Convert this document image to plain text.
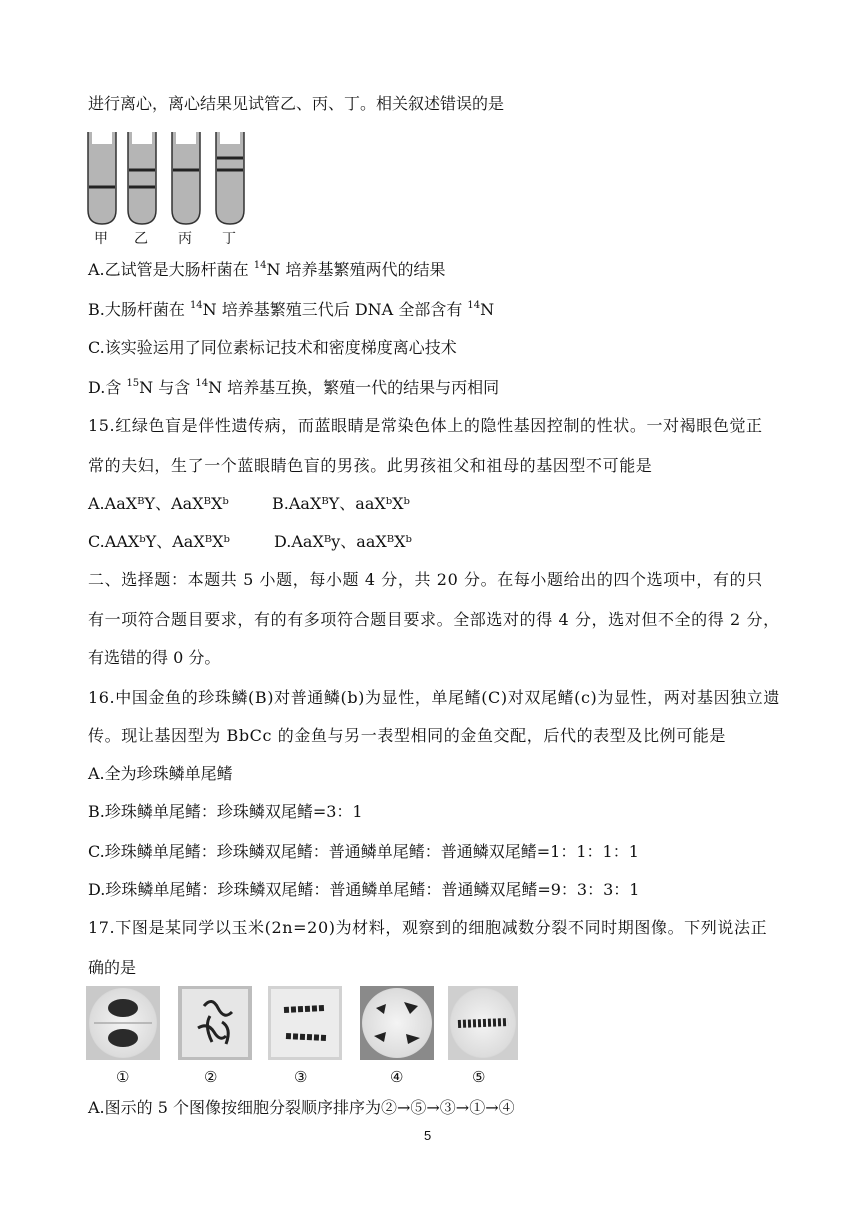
进行离心，离心结果见试管乙、丙、丁。相关叙述错误的是
甲 乙 丙 丁
A.乙试管是大肠杆菌在 $^{14}$N 培养基繁殖两代的结果
B.大肠杆菌在 $^{14}$N 培养基繁殖三代后 DNA 全部含有 $^{14}$N
C.该实验运用了同位素标记技术和密度梯度离心技术
D.含 $^{15}$N 与含 $^{14}$N 培养基互换，繁殖一代的结果与丙相同
15.红绿色盲是伴性遗传病，而蓝眼睛是常染色体上的隐性基因控制的性状。一对褐眼色觉正
常的夫妇，生了一个蓝眼睛色盲的男孩。此男孩祖父和祖母的基因型不可能是
A.AaXᴮY、AaXᴮXᵇ	B.AaXᴮY、aaXᵇXᵇ
C.AAXᵇY、AaXᴮXᵇ	D.AaXᴮy、aaXᴮXᵇ
二、选择题：本题共 5 小题，每小题 4 分，共 20 分。在每小题给出的四个选项中，有的只
有一项符合题目要求，有的有多项符合题目要求。全部选对的得 4 分，选对但不全的得 2 分，
有选错的得 0 分。
16.中国金鱼的珍珠鳞(B)对普通鳞(b)为显性，单尾鳍(C)对双尾鳍(c)为显性，两对基因独立遗
传。现让基因型为 BbCc 的金鱼与另一表型相同的金鱼交配，后代的表型及比例可能是
A.全为珍珠鳞单尾鳍
B.珍珠鳞单尾鳍：珍珠鳞双尾鳍=3：1
C.珍珠鳞单尾鳍：珍珠鳞双尾鳍：普通鳞单尾鳍：普通鳞双尾鳍=1：1：1：1
D.珍珠鳞单尾鳍：珍珠鳞双尾鳍：普通鳞单尾鳍：普通鳞双尾鳍=9：3：3：1
17.下图是某同学以玉米(2n=20)为材料，观察到的细胞减数分裂不同时期图像。下列说法正
确的是
①	②	③	④	⑤
A.图示的 5 个图像按细胞分裂顺序排序为②→⑤→③→①→④
5
